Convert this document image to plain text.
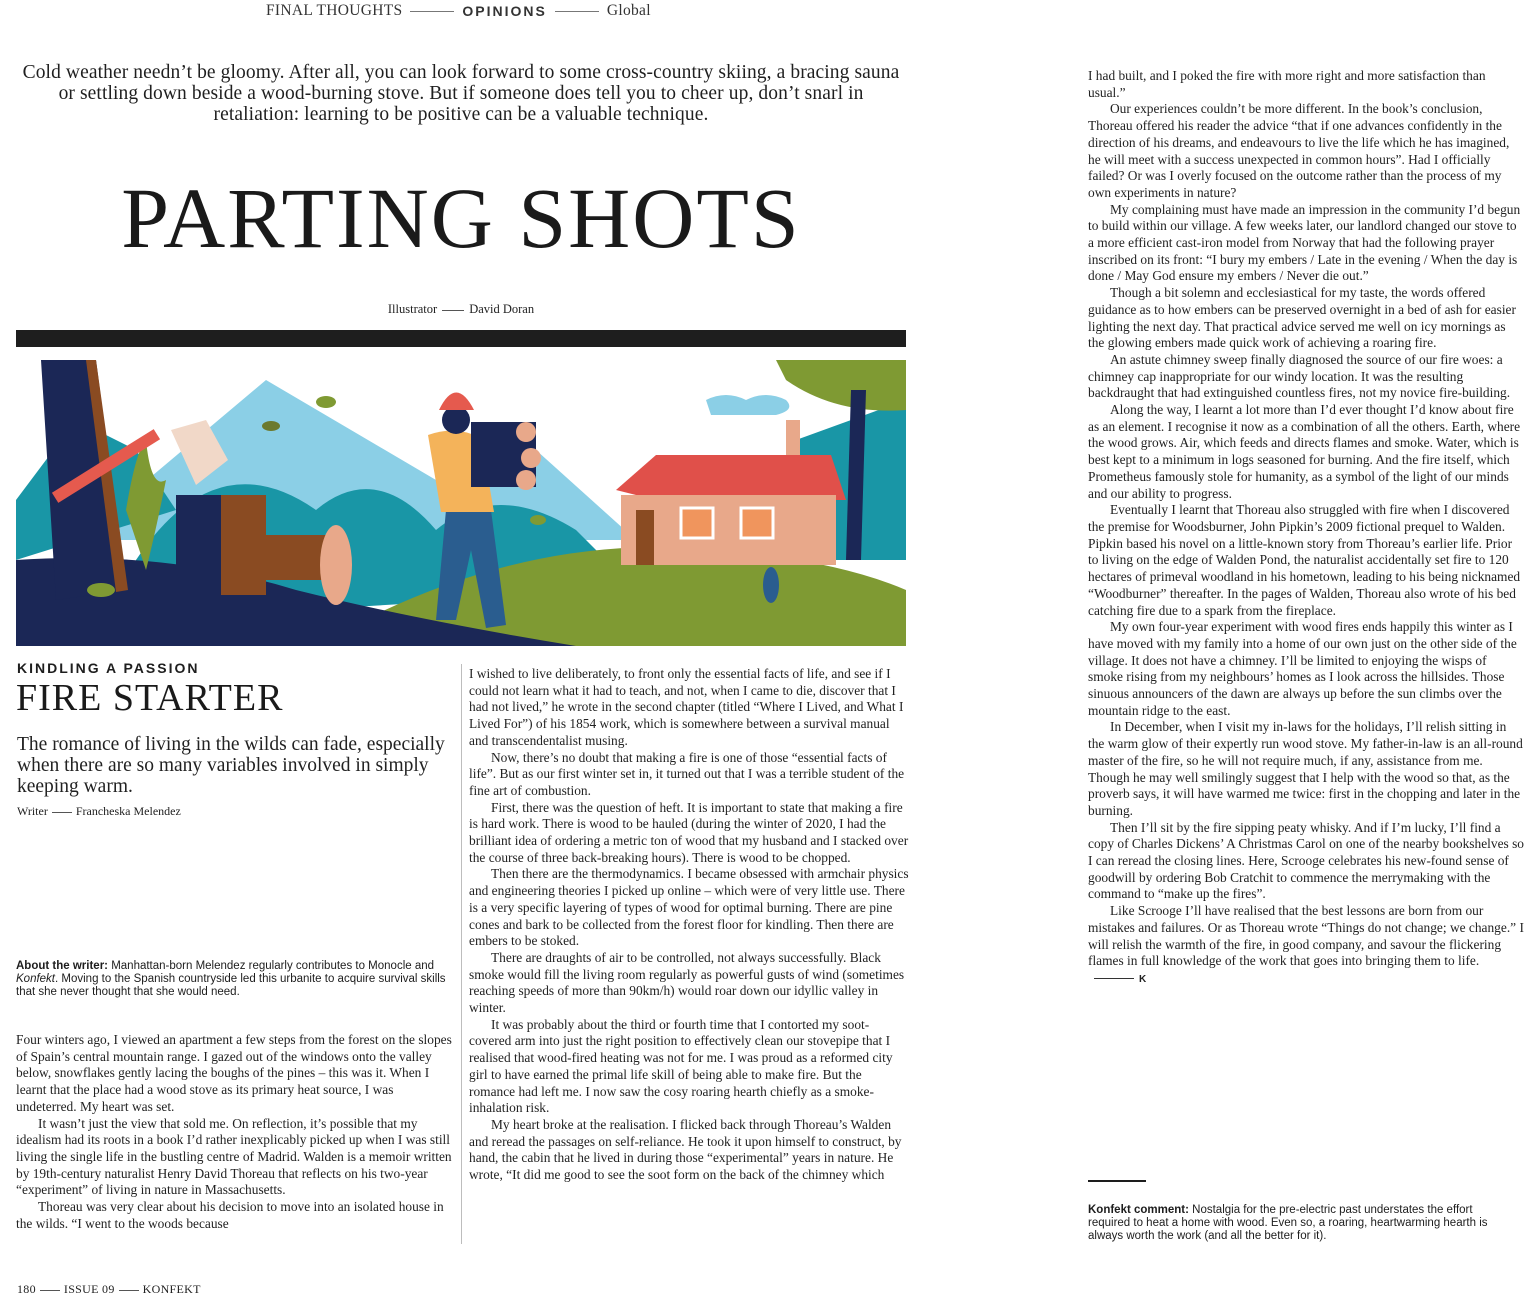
FINAL THOUGHTS	OPINIONS	Global

Cold weather needn’t be gloomy. After all, you can look forward to some cross-country skiing, a bracing sauna or settling down beside a wood-burning stove. But if someone does tell you to cheer up, don’t snarl in retaliation: learning to be positive can be a valuable technique.

PARTING SHOTS
Illustrator	David Doran
KINDLING A PASSION
FIRE STARTER

The romance of living in the wilds can fade, especially when there are so many variables involved in simply keeping warm.

Writer Francheska Melendez

About the writer: Manhattan-born Melendez regularly contributes to Monocle and Konfekt. Moving to the Spanish countryside led this urbanite to acquire survival skills that she never thought that she would need.

Four winters ago, I viewed an apartment a few steps from the forest on the slopes of Spain’s central mountain range. I gazed out of the windows onto the valley below, snowflakes gently lacing the boughs of the pines – this was it. When I learnt that the place had a wood stove as its primary heat source, I was undeterred. My heart was set.

It wasn’t just the view that sold me. On reflection, it’s possible that my idealism had its roots in a book I’d rather inexplicably picked up when I was still living the single life in the bustling centre of Madrid. Walden is a memoir written by 19th-century naturalist Henry David Thoreau that reflects on his two-year “experiment” of living in nature in Massachusetts.

Thoreau was very clear about his decision to move into an isolated house in the wilds. “I went to the woods because

I wished to live deliberately, to front only the essential facts of life, and see if I could not learn what it had to teach, and not, when I came to die, discover that I had not lived,” he wrote in the second chapter (titled “Where I Lived, and What I Lived For”) of his 1854 work, which is somewhere between a survival manual and transcendentalist musing.

Now, there’s no doubt that making a fire is one of those “essential facts of life”. But as our first winter set in, it turned out that I was a terrible student of the fine art of combustion.

First, there was the question of heft. It is important to state that making a fire is hard work. There is wood to be hauled (during the winter of 2020, I had the brilliant idea of ordering a metric ton of wood that my husband and I stacked over the course of three back-breaking hours). There is wood to be chopped.

Then there are the thermodynamics. I became obsessed with armchair physics and engineering theories I picked up online – which were of very little use. There is a very specific layering of types of wood for optimal burning. There are pine cones and bark to be collected from the forest floor for kindling. Then there are embers to be stoked.

There are draughts of air to be controlled, not always successfully. Black smoke would fill the living room regularly as powerful gusts of wind (sometimes reaching speeds of more than 90km/h) would roar down our idyllic valley in winter.

It was probably about the third or fourth time that I contorted my soot-covered arm into just the right position to effectively clean our stovepipe that I realised that wood-fired heating was not for me. I was proud as a reformed city girl to have earned the primal life skill of being able to make fire. But the romance had left me. I now saw the cosy roaring hearth chiefly as a smoke-inhalation risk.

My heart broke at the realisation. I flicked back through Thoreau’s Walden and reread the passages on self-reliance. He took it upon himself to construct, by hand, the cabin that he lived in during those “experimental” years in nature. He wrote, “It did me good to see the soot form on the back of the chimney which

I had built, and I poked the fire with more right and more satisfaction than usual.”

Our experiences couldn’t be more different. In the book’s conclusion, Thoreau offered his reader the advice “that if one advances confidently in the direction of his dreams, and endeavours to live the life which he has imagined, he will meet with a success unexpected in common hours”. Had I officially failed? Or was I overly focused on the outcome rather than the process of my own experiments in nature?

My complaining must have made an impression in the community I’d begun to build within our village. A few weeks later, our landlord changed our stove to a more efficient cast-iron model from Norway that had the following prayer inscribed on its front: “I bury my embers / Late in the evening / When the day is done / May God ensure my embers / Never die out.”

Though a bit solemn and ecclesiastical for my taste, the words offered guidance as to how embers can be preserved overnight in a bed of ash for easier lighting the next day. That practical advice served me well on icy mornings as the glowing embers made quick work of achieving a roaring fire.

An astute chimney sweep finally diagnosed the source of our fire woes: a chimney cap inappropriate for our windy location. It was the resulting backdraught that had extinguished countless fires, not my novice fire-building.

Along the way, I learnt a lot more than I’d ever thought I’d know about fire as an element. I recognise it now as a combination of all the others. Earth, where the wood grows. Air, which feeds and directs flames and smoke. Water, which is best kept to a minimum in logs seasoned for burning. And the fire itself, which Prometheus famously stole for humanity, as a symbol of the light of our minds and our ability to progress.

Eventually I learnt that Thoreau also struggled with fire when I discovered the premise for Woodsburner, John Pipkin’s 2009 fictional prequel to Walden. Pipkin based his novel on a little-known story from Thoreau’s earlier life. Prior to living on the edge of Walden Pond, the naturalist accidentally set fire to 120 hectares of primeval woodland in his hometown, leading to his being nicknamed “Woodburner” thereafter. In the pages of Walden, Thoreau also wrote of his bed catching fire due to a spark from the fireplace.

My own four-year experiment with wood fires ends happily this winter as I have moved with my family into a home of our own just on the other side of the village. It does not have a chimney. I’ll be limited to enjoying the wisps of smoke rising from my neighbours’ homes as I look across the hillsides. Those sinuous announcers of the dawn are always up before the sun climbs over the mountain ridge to the east.

In December, when I visit my in-laws for the holidays, I’ll relish sitting in the warm glow of their expertly run wood stove. My father-in-law is an all-round master of the fire, so he will not require much, if any, assistance from me. Though he may well smilingly suggest that I help with the wood so that, as the proverb says, it will have warmed me twice: first in the chopping and later in the burning.

Then I’ll sit by the fire sipping peaty whisky. And if I’m lucky, I’ll find a copy of Charles Dickens’ A Christmas Carol on one of the nearby bookshelves so I can reread the closing lines. Here, Scrooge celebrates his new-found sense of goodwill by ordering Bob Cratchit to commence the merrymaking with the command to “make up the fires”.

Like Scrooge I’ll have realised that the best lessons are born from our mistakes and failures. Or as Thoreau wrote “Things do not change; we change.” I will relish the warmth of the fire, in good company, and savour the flickering flames in full knowledge of the work that goes into bringing them to life.K

Konfekt comment: Nostalgia for the pre-electric past understates the effort required to heat a home with wood. Even so, a roaring, heartwarming hearth is always worth the work (and all the better for it).

180 ISSUE 09 KONFEKT
